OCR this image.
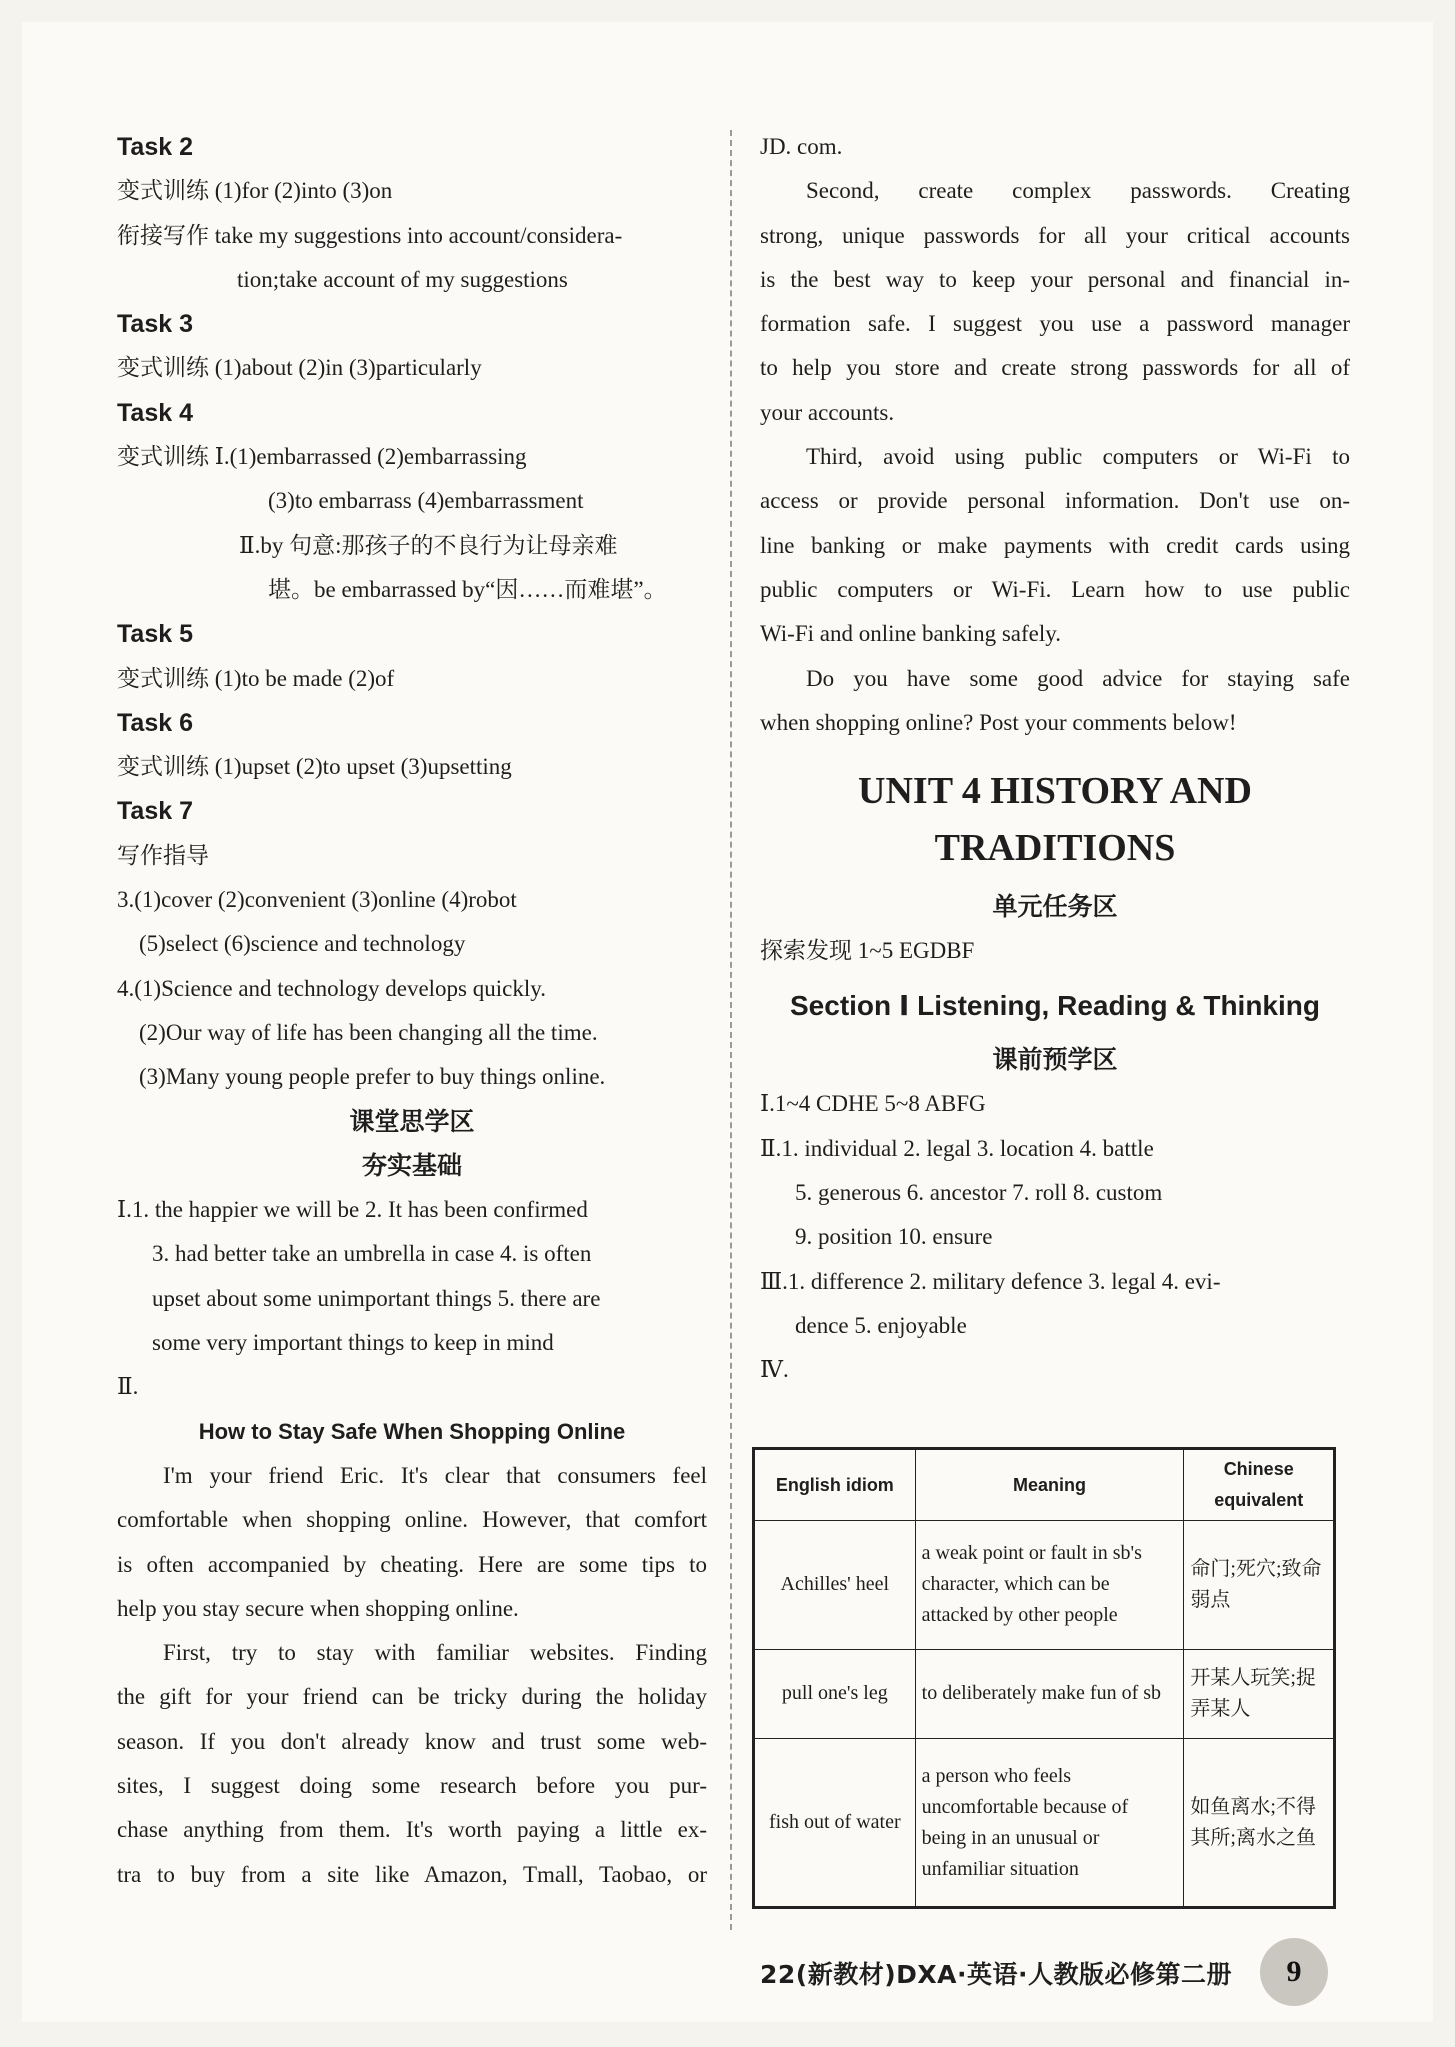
Task 2
变式训练 (1)for (2)into (3)on
衔接写作 take my suggestions into account/considera-
tion;take account of my suggestions
Task 3
变式训练 (1)about (2)in (3)particularly
Task 4
变式训练 Ⅰ.(1)embarrassed (2)embarrassing
(3)to embarrass (4)embarrassment
Ⅱ.by 句意:那孩子的不良行为让母亲难
堪。be embarrassed by“因……而难堪”。
Task 5
变式训练 (1)to be made (2)of
Task 6
变式训练 (1)upset (2)to upset (3)upsetting
Task 7
写作指导
3.(1)cover (2)convenient (3)online (4)robot
(5)select (6)science and technology
4.(1)Science and technology develops quickly.
(2)Our way of life has been changing all the time.
(3)Many young people prefer to buy things online.
课堂思学区
夯实基础
Ⅰ.1. the happier we will be 2. It has been confirmed
3. had better take an umbrella in case 4. is often
upset about some unimportant things 5. there are
some very important things to keep in mind
Ⅱ.
How to Stay Safe When Shopping Online
I'm your friend Eric. It's clear that consumers feel
comfortable when shopping online. However, that comfort
is often accompanied by cheating. Here are some tips to
help you stay secure when shopping online.
First, try to stay with familiar websites. Finding
the gift for your friend can be tricky during the holiday
season. If you don't already know and trust some web-
sites, I suggest doing some research before you pur-
chase anything from them. It's worth paying a little ex-
tra to buy from a site like Amazon, Tmall, Taobao, or
JD. com.
Second, create complex passwords. Creating
strong, unique passwords for all your critical accounts
is the best way to keep your personal and financial in-
formation safe. I suggest you use a password manager
to help you store and create strong passwords for all of
your accounts.
Third, avoid using public computers or Wi-Fi to
access or provide personal information. Don't use on-
line banking or make payments with credit cards using
public computers or Wi-Fi. Learn how to use public
Wi-Fi and online banking safely.
Do you have some good advice for staying safe
when shopping online? Post your comments below!
UNIT 4 HISTORY AND
TRADITIONS
单元任务区
探索发现 1~5 EGDBF
Section Ⅰ Listening, Reading & Thinking
课前预学区
Ⅰ.1~4 CDHE 5~8 ABFG
Ⅱ.1. individual 2. legal 3. location 4. battle
5. generous 6. ancestor 7. roll 8. custom
9. position 10. ensure
Ⅲ.1. difference 2. military defence 3. legal 4. evi-
dence 5. enjoyable
Ⅳ.
English idiom	Meaning	Chinese equivalent
Achilles' heel	a weak point or fault in sb's character, which can be attacked by other people	命门;死穴;致命弱点
pull one's leg	to deliberately make fun of sb	开某人玩笑;捉弄某人
fish out of water	a person who feels uncomfortable because of being in an unusual or unfamiliar situation	如鱼离水;不得其所;离水之鱼
22(新教材)DXA·英语·人教版必修第二册	9
